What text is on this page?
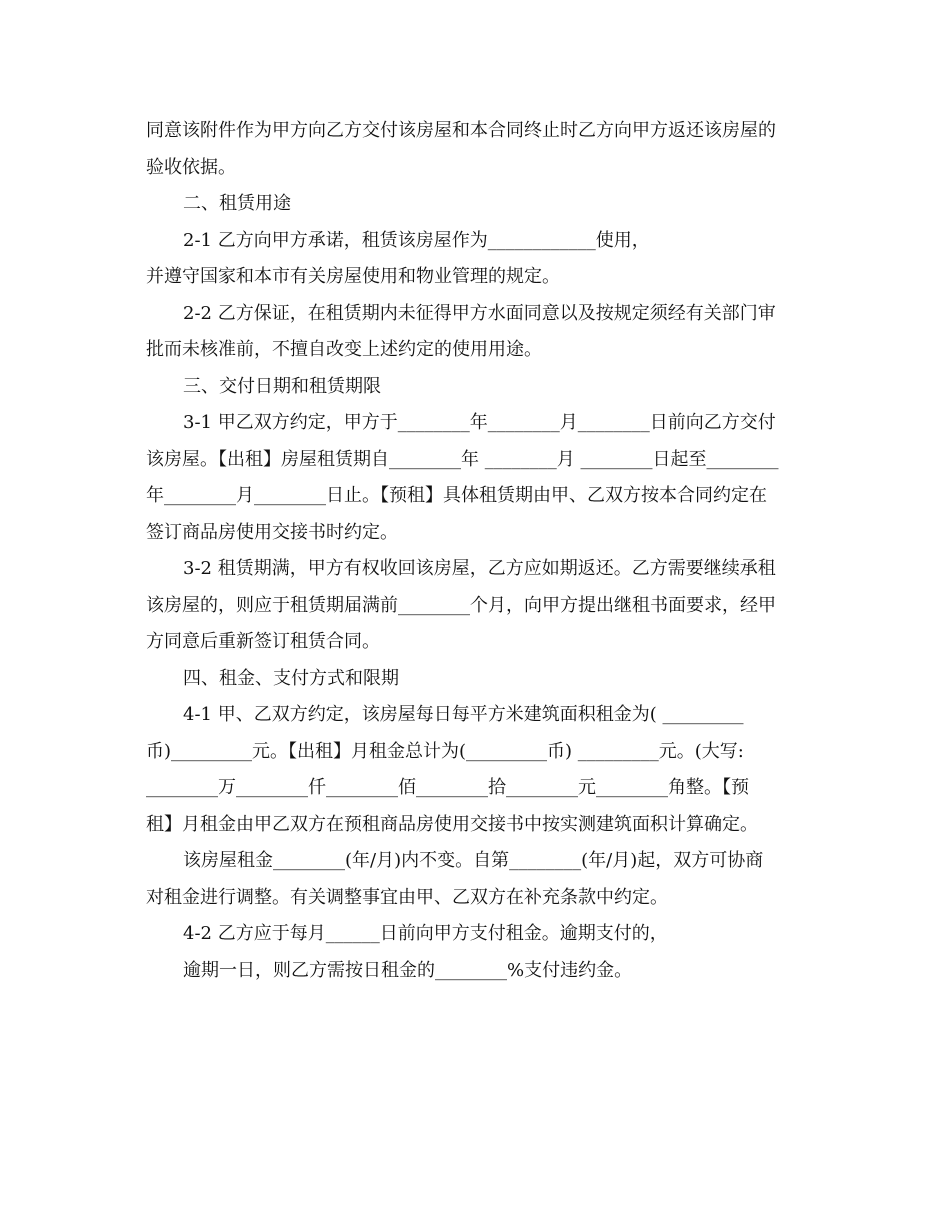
同意该附件作为甲方向乙方交付该房屋和本合同终止时乙方向甲方返还该房屋的
验收依据。
二、租赁用途
2-1 乙方向甲方承诺，租赁该房屋作为____________使用，
并遵守国家和本市有关房屋使用和物业管理的规定。
2-2 乙方保证，在租赁期内未征得甲方水面同意以及按规定须经有关部门审
批而未核准前，不擅自改变上述约定的使用用途。
三、交付日期和租赁期限
3-1 甲乙双方约定，甲方于________年________月________日前向乙方交付
该房屋。【出租】房屋租赁期自________年 ________月 ________日起至________
年________月________日止。【预租】具体租赁期由甲、乙双方按本合同约定在
签订商品房使用交接书时约定。
3-2 租赁期满，甲方有权收回该房屋，乙方应如期返还。乙方需要继续承租
该房屋的，则应于租赁期届满前________个月，向甲方提出继租书面要求，经甲
方同意后重新签订租赁合同。
四、租金、支付方式和限期
4-1 甲、乙双方约定，该房屋每日每平方米建筑面积租金为( _________
币)_________元。【出租】月租金总计为(_________币) _________元。(大写:
________万________仟________佰________拾________元________角整。【预
租】月租金由甲乙双方在预租商品房使用交接书中按实测建筑面积计算确定。
该房屋租金________(年/月)内不变。自第________(年/月)起，双方可协商
对租金进行调整。有关调整事宜由甲、乙双方在补充条款中约定。
4-2 乙方应于每月______日前向甲方支付租金。逾期支付的，
逾期一日，则乙方需按日租金的________%支付违约金。
